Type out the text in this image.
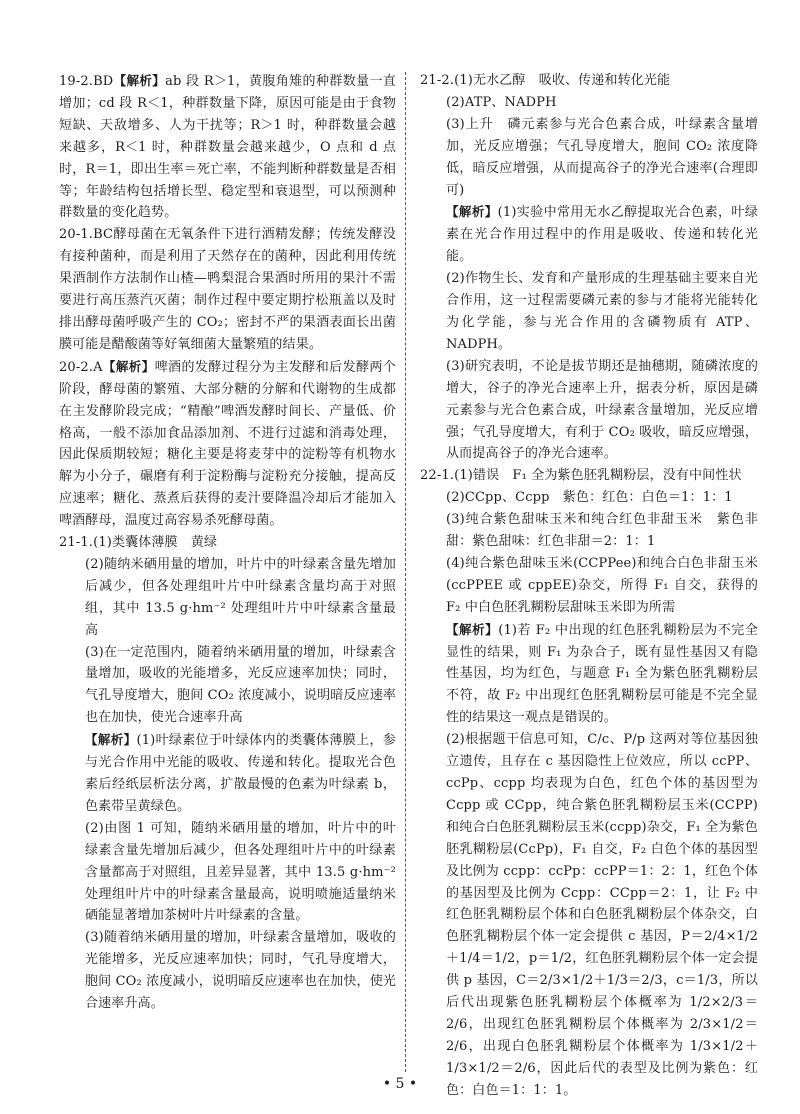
19-2.BD【解析】ab 段 R＞1，黄腹角雉的种群数量一直增加；cd 段 R＜1，种群数量下降，原因可能是由于食物短缺、天敌增多、人为干扰等；R＞1 时，种群数量会越来越多，R＜1 时，种群数量会越来越少，O 点和 d 点时，R＝1，即出生率＝死亡率，不能判断种群数量是否相等；年龄结构包括增长型、稳定型和衰退型，可以预测种群数量的变化趋势。

20-1.BC酵母菌在无氧条件下进行酒精发酵；传统发酵没有接种菌种，而是利用了天然存在的菌种，因此利用传统果酒制作方法制作山楂—鸭梨混合果酒时所用的果汁不需要进行高压蒸汽灭菌；制作过程中要定期拧松瓶盖以及时排出酵母菌呼吸产生的 CO₂；密封不严的果酒表面长出菌膜可能是醋酸菌等好氧细菌大量繁殖的结果。

20-2.A【解析】啤酒的发酵过程分为主发酵和后发酵两个阶段，酵母菌的繁殖、大部分糖的分解和代谢物的生成都在主发酵阶段完成；“精酿”啤酒发酵时间长、产量低、价格高，一般不添加食品添加剂、不进行过滤和消毒处理，因此保质期较短；糖化主要是将麦芽中的淀粉等有机物水解为小分子，碾磨有利于淀粉酶与淀粉充分接触，提高反应速率；糖化、蒸煮后获得的麦汁要降温冷却后才能加入啤酒酵母，温度过高容易杀死酵母菌。

21-1.(1)类囊体薄膜　黄绿

(2)随纳米硒用量的增加，叶片中的叶绿素含量先增加后减少，但各处理组叶片中叶绿素含量均高于对照组，其中 13.5 g·hm⁻² 处理组叶片中叶绿素含量最高

(3)在一定范围内，随着纳米硒用量的增加，叶绿素含量增加，吸收的光能增多，光反应速率加快；同时，气孔导度增大，胞间 CO₂ 浓度减小，说明暗反应速率也在加快，使光合速率升高

【解析】(1)叶绿素位于叶绿体内的类囊体薄膜上，参与光合作用中光能的吸收、传递和转化。提取光合色素后经纸层析法分离，扩散最慢的色素为叶绿素 b，色素带呈黄绿色。

(2)由图 1 可知，随纳米硒用量的增加，叶片中的叶绿素含量先增加后减少，但各处理组叶片中的叶绿素含量都高于对照组，且差异显著，其中 13.5 g·hm⁻² 处理组叶片中的叶绿素含量最高，说明喷施适量纳米硒能显著增加茶树叶片叶绿素的含量。

(3)随着纳米硒用量的增加，叶绿素含量增加，吸收的光能增多，光反应速率加快；同时，气孔导度增大，胞间 CO₂ 浓度减小，说明暗反应速率也在加快，使光合速率升高。

21-2.(1)无水乙醇　吸收、传递和转化光能

(2)ATP、NADPH

(3)上升　磷元素参与光合色素合成，叶绿素含量增加，光反应增强；气孔导度增大，胞间 CO₂ 浓度降低，暗反应增强，从而提高谷子的净光合速率(合理即可)

【解析】(1)实验中常用无水乙醇提取光合色素，叶绿素在光合作用过程中的作用是吸收、传递和转化光能。

(2)作物生长、发育和产量形成的生理基础主要来自光合作用，这一过程需要磷元素的参与才能将光能转化为化学能，参与光合作用的含磷物质有 ATP、NADPH。

(3)研究表明，不论是拔节期还是抽穗期，随磷浓度的增大，谷子的净光合速率上升，据表分析，原因是磷元素参与光合色素合成，叶绿素含量增加，光反应增强；气孔导度增大，有利于 CO₂ 吸收，暗反应增强，从而提高谷子的净光合速率。

22-1.(1)错误　F₁ 全为紫色胚乳糊粉层，没有中间性状

(2)CCpp、Ccpp　紫色：红色：白色＝1：1：1

(3)纯合紫色甜味玉米和纯合红色非甜玉米　紫色非甜：紫色甜味：红色非甜＝2：1：1

(4)纯合紫色甜味玉米(CCPPee)和纯合白色非甜玉米(ccPPEE 或 cppEE)杂交，所得 F₁ 自交，获得的 F₂ 中白色胚乳糊粉层甜味玉米即为所需

【解析】(1)若 F₂ 中出现的红色胚乳糊粉层为不完全显性的结果，则 F₁ 为杂合子，既有显性基因又有隐性基因，均为红色，与题意 F₁ 全为紫色胚乳糊粉层不符，故 F₂ 中出现红色胚乳糊粉层可能是不完全显性的结果这一观点是错误的。

(2)根据题干信息可知，C/c、P/p 这两对等位基因独立遗传，且存在 c 基因隐性上位效应，所以 ccPP、ccPp、ccpp 均表现为白色，红色个体的基因型为 Ccpp 或 CCpp，纯合紫色胚乳糊粉层玉米(CCPP)和纯合白色胚乳糊粉层玉米(ccpp)杂交，F₁ 全为紫色胚乳糊粉层(CcPp)，F₁ 自交，F₂ 白色个体的基因型及比例为 ccpp：ccPp：ccPP＝1：2：1，红色个体的基因型及比例为 Ccpp：CCpp＝2：1，让 F₂ 中红色胚乳糊粉层个体和白色胚乳糊粉层个体杂交，白色胚乳糊粉层个体一定会提供 c 基因，P＝2/4×1/2＋1/4＝1/2，p＝1/2，红色胚乳糊粉层个体一定会提供 p 基因，C＝2/3×1/2＋1/3＝2/3，c＝1/3，所以后代出现紫色胚乳糊粉层个体概率为 1/2×2/3＝2/6，出现红色胚乳糊粉层个体概率为 2/3×1/2＝2/6，出现白色胚乳糊粉层个体概率为 1/3×1/2＋1/3×1/2＝2/6，因此后代的表型及比例为紫色：红色：白色＝1：1：1。

• 5 •
